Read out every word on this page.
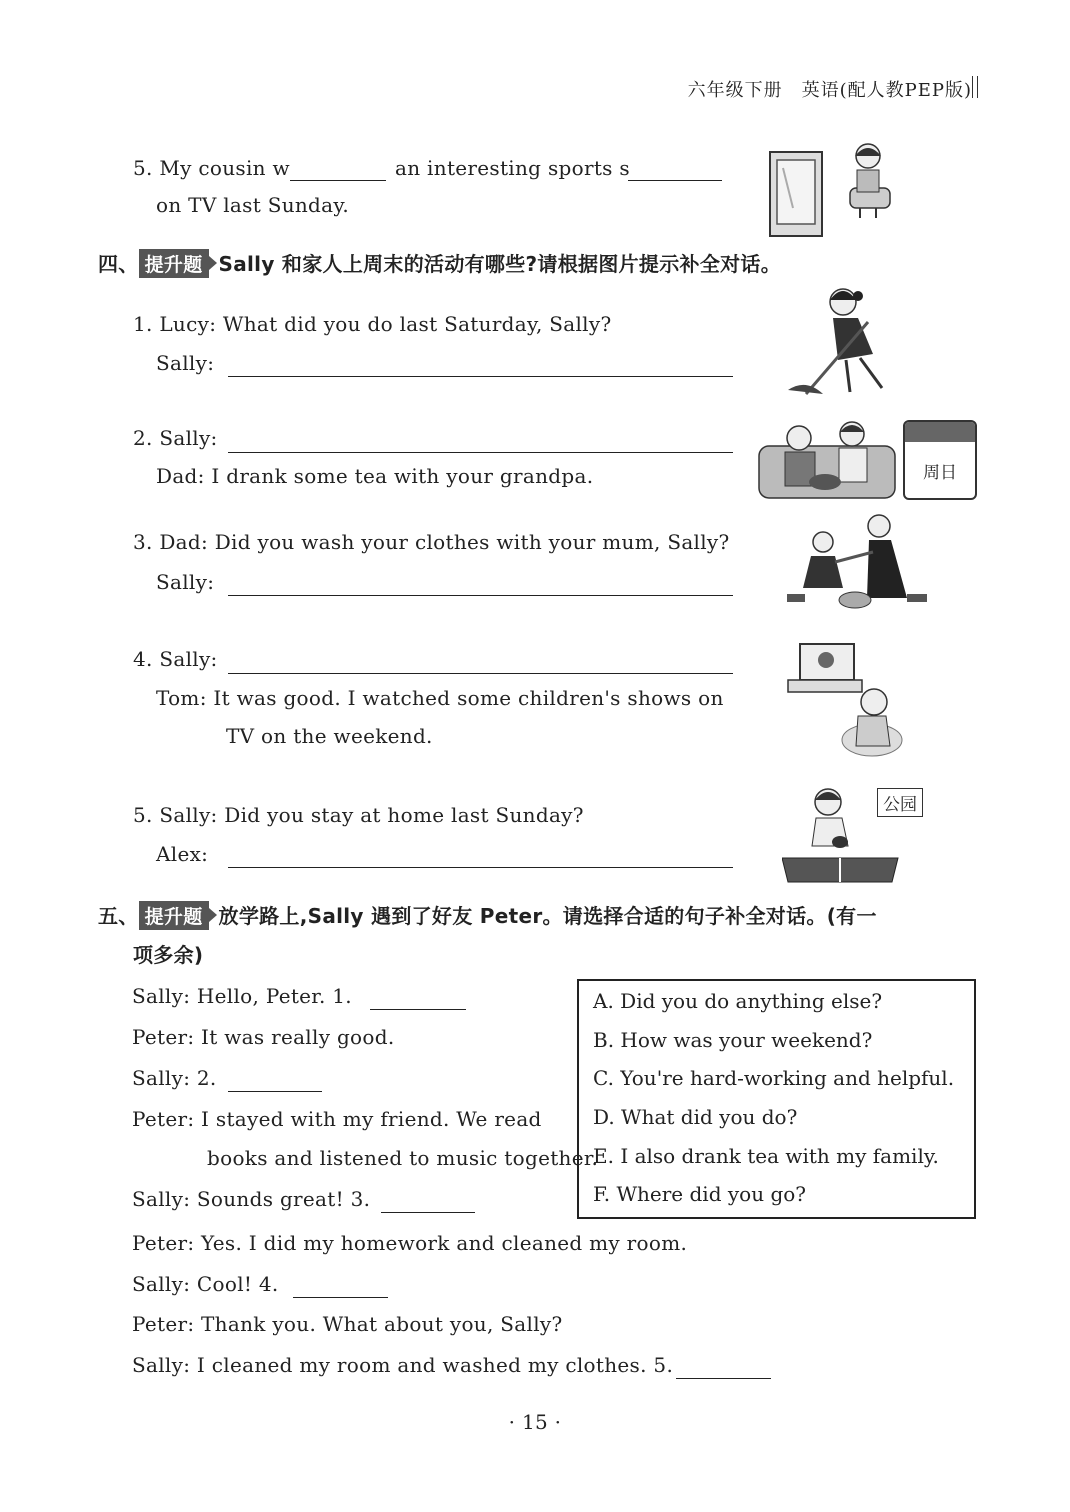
六年级下册　英语(配人教PEP版)
5. My cousin w	an interesting sports s
on TV last Sunday.
四、 提升题 Sally 和家人上周末的活动有哪些?请根据图片提示补全对话。
1. Lucy: What did you do last Saturday, Sally?
Sally:
2. Sally:
Dad: I drank some tea with your grandpa.
3. Dad: Did you wash your clothes with your mum, Sally?
Sally:
4. Sally:
Tom: It was good. I watched some children's shows on
TV on the weekend.
5. Sally: Did you stay at home last Sunday?
Alex:
周日
公园
五、 提升题 放学路上,Sally 遇到了好友 Peter。请选择合适的句子补全对话。(有一
项多余)
Sally: Hello, Peter. 1.
Peter: It was really good.
Sally: 2.
Peter: I stayed with my friend. We read
books and listened to music together.
Sally: Sounds great! 3.
Peter: Yes. I did my homework and cleaned my room.
Sally: Cool! 4.
Peter: Thank you. What about you, Sally?
Sally: I cleaned my room and washed my clothes. 5.
A. Did you do anything else?
B. How was your weekend?
C. You're hard-working and helpful.
D. What did you do?
E. I also drank tea with my family.
F. Where did you go?
· 15 ·
